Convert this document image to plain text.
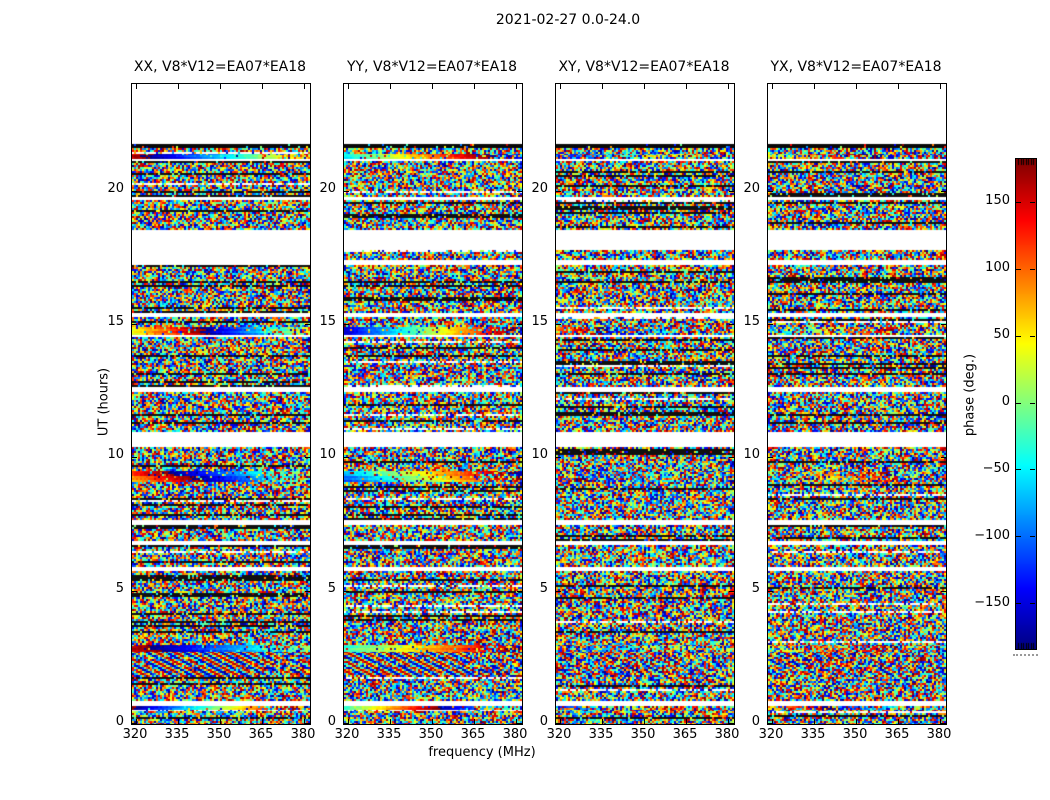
2021-02-27 0.0-24.0
frequency (MHz)
UT (hours)	phase (deg.)
150
100
50
0
−50
−100
−150
XX, V8*V12=EA07*EA18
320	335	350	365	380
0
5
10
15
20
YY, V8*V12=EA07*EA18
320	335	350	365	380
0
5
10
15
20
XY, V8*V12=EA07*EA18
320	335	350	365	380
0
5
10
15
20
YX, V8*V12=EA07*EA18
320	335	350	365	380
0
5
10
15
20
